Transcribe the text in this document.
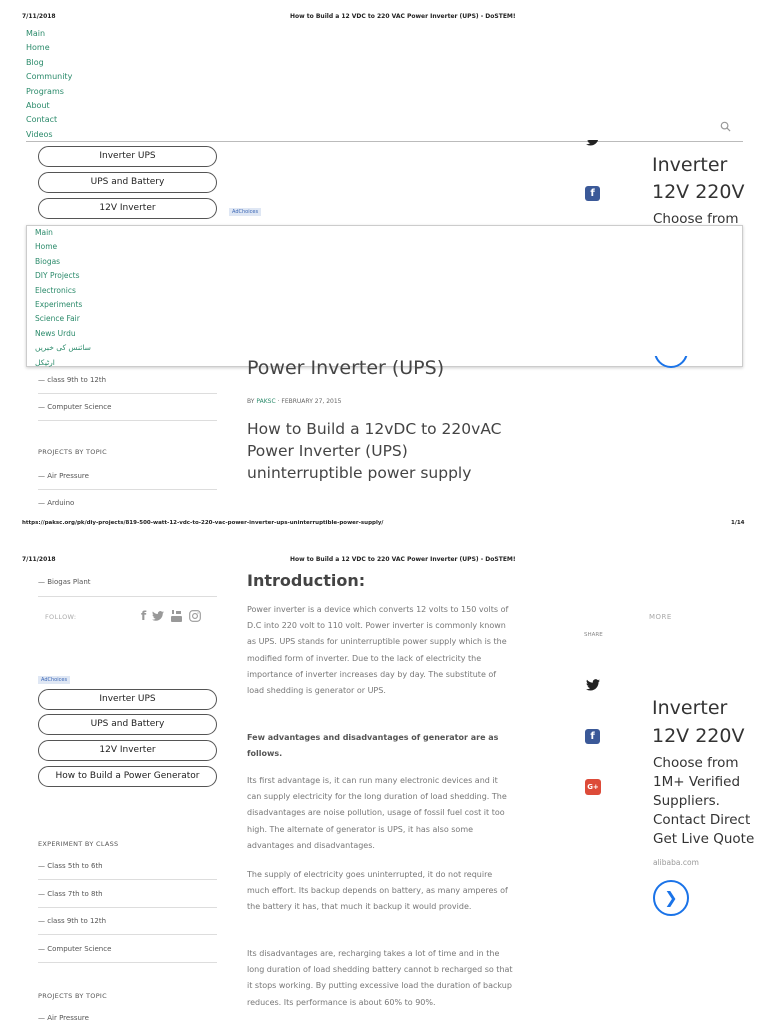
7/11/2018	How to Build a 12 VDC to 220 VAC Power Inverter (UPS) - DoSTEM!
Main
Home
Blog
Community
Programs
About
Contact
Videos
Inverter UPS
UPS and Battery
12V Inverter	AdChoices
f
Inverter
12V 220V
Choose from
Main
Home
Biogas
DIY Projects
Electronics
Experiments
Science Fair
News Urdu
سائنس کی خبریں
ارٹیکل	Power Inverter (UPS)
— class 9th to 12th
— Computer Science
PROJECTS BY TOPIC
— Air Pressure
— Arduino
BY PAKSC · FEBRUARY 27, 2015
How to Build a 12vDC to 220vAC Power Inverter (UPS) uninterruptible power supply
https://paksc.org/pk/diy-projects/819-500-watt-12-vdc-to-220-vac-power-inverter-ups-uninterruptible-power-supply/	1/14
7/11/2018	How to Build a 12 VDC to 220 VAC Power Inverter (UPS) - DoSTEM!
— Biogas Plant
FOLLOW:	f
AdChoices
Inverter UPS
UPS and Battery
12V Inverter
How to Build a Power Generator
EXPERIMENT BY CLASS
— Class 5th to 6th
— Class 7th to 8th
— class 9th to 12th
— Computer Science
PROJECTS BY TOPIC
— Air Pressure
Introduction:
Power inverter is a device which converts 12 volts to 150 volts of D.C into 220 volt to 110 volt. Power inverter is commonly known as UPS. UPS stands for uninterruptible power supply which is the modified form of inverter. Due to the lack of electricity the importance of inverter increases day by day. The substitute of load shedding is generator or UPS.
Few advantages and disadvantages of generator are as follows.
Its first advantage is, it can run many electronic devices and it can supply electricity for the long duration of load shedding. The disadvantages are noise pollution, usage of fossil fuel cost it too high. The alternate of generator is UPS, it has also some advantages and disadvantages.
The supply of electricity goes uninterrupted, it do not require much effort. Its backup depends on battery, as many amperes of the battery it has, that much it backup it would provide.
Its disadvantages are, recharging takes a lot of time and in the long duration of load shedding battery cannot b recharged so that it stops working. By putting excessive load the duration of backup reduces. Its performance is about 60% to 90%.
SHARE
f
G+
MORE
Inverter
12V 220V
Choose from
1M+ Verified
Suppliers.
Contact Direct
Get Live Quote
alibaba.com
❯
